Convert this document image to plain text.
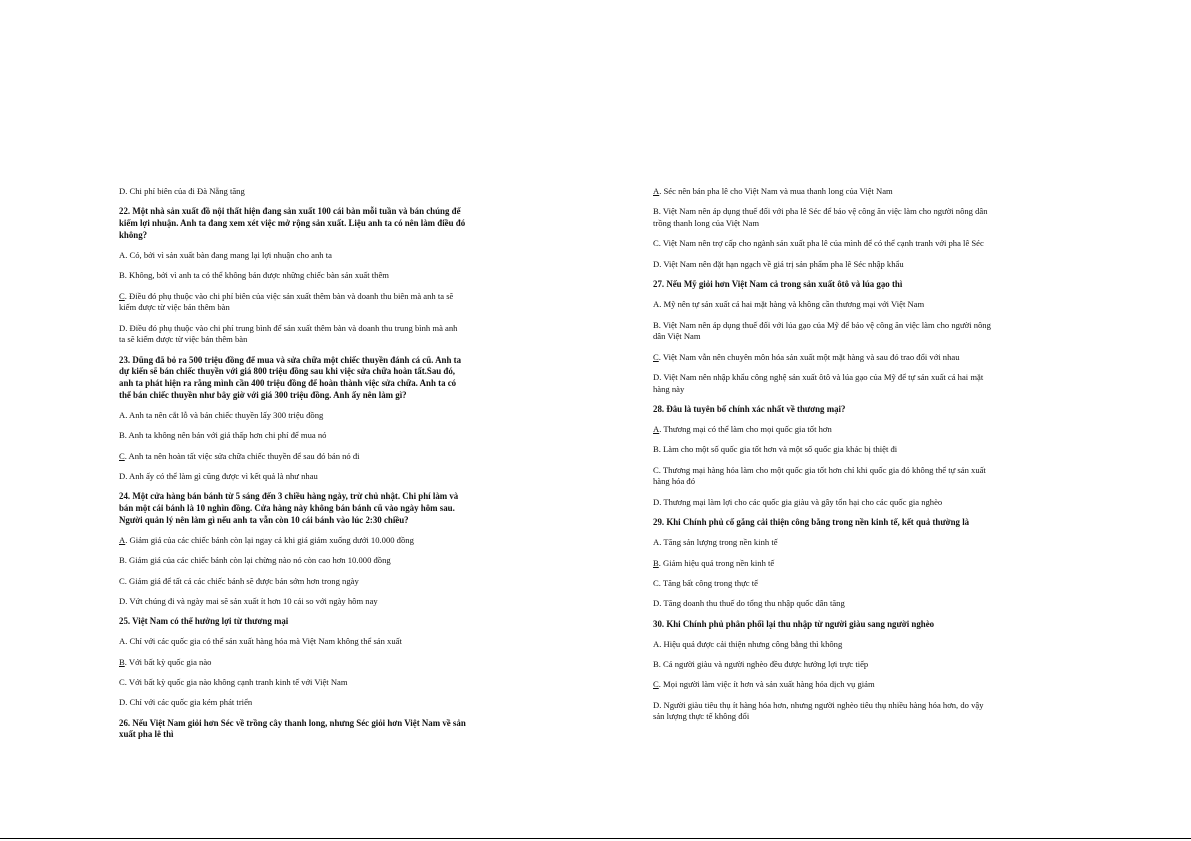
D. Chi phí biên của đi Đà Nẵng tăng
22. Một nhà sản xuất đồ nội thất hiện đang sản xuất 100 cái bàn mỗi tuần và bán chúng để
kiếm lợi nhuận. Anh ta đang xem xét việc mở rộng sản xuất. Liệu anh ta có nên làm điều đó
không?
A. Có, bởi vì sản xuất bàn đang mang lại lợi nhuận cho anh ta
B. Không, bởi vì anh ta có thể không bán được những chiếc bàn sản xuất thêm
C. Điều đó phụ thuộc vào chi phí biên của việc sản xuất thêm bàn và doanh thu biên mà anh ta sẽ
kiếm được từ việc bán thêm bàn
D. Điều đó phụ thuộc vào chi phí trung bình để sản xuất thêm bàn và doanh thu trung bình mà anh
ta sẽ kiếm được từ việc bán thêm bàn
23. Dũng đã bỏ ra 500 triệu đồng để mua và sửa chữa một chiếc thuyền đánh cá cũ. Anh ta
dự kiến sẽ bán chiếc thuyền với giá 800 triệu đồng sau khi việc sửa chữa hoàn tất.Sau đó,
anh ta phát hiện ra rằng mình cần 400 triệu đồng để hoàn thành việc sửa chữa. Anh ta có
thể bán chiếc thuyền như bây giờ với giá 300 triệu đồng. Anh ấy nên làm gì?
A. Anh ta nên cắt lỗ và bán chiếc thuyền lấy 300 triệu đồng
B. Anh ta không nên bán với giá thấp hơn chi phí để mua nó
C. Anh ta nên hoàn tất việc sửa chữa chiếc thuyền để sau đó bán nó đi
D. Anh ấy có thể làm gì cũng được vì kết quả là như nhau
24. Một cửa hàng bán bánh từ 5 sáng đến 3 chiều hàng ngày, trừ chủ nhật. Chi phí làm và
bán một cái bánh là 10 nghìn đồng. Cửa hàng này không bán bánh cũ vào ngày hôm sau.
Người quản lý nên làm gì nếu anh ta vẫn còn 10 cái bánh vào lúc 2:30 chiều?
A. Giảm giá của các chiếc bánh còn lại ngay cả khi giá giảm xuống dưới 10.000 đồng
B. Giảm giá của các chiếc bánh còn lại chừng nào nó còn cao hơn 10.000 đồng
C. Giảm giá để tất cả các chiếc bánh sẽ được bán sớm hơn trong ngày
D. Vứt chúng đi và ngày mai sẽ sản xuất ít hơn 10 cái so với ngày hôm nay
25. Việt Nam có thể hưởng lợi từ thương mại
A. Chỉ với các quốc gia có thể sản xuất hàng hóa mà Việt Nam không thể sản xuất
B. Với bất kỳ quốc gia nào
C. Với bất kỳ quốc gia nào không cạnh tranh kinh tế với Việt Nam
D. Chỉ với các quốc gia kém phát triển
26. Nếu Việt Nam giỏi hơn Séc về trồng cây thanh long, nhưng Séc giỏi hơn Việt Nam về sản
xuất pha lê thì
A. Séc nên bán pha lê cho Việt Nam và mua thanh long của Việt Nam
B. Việt Nam nên áp dụng thuế đối với pha lê Séc để bảo vệ công ăn việc làm cho người nông dân
trồng thanh long của Việt Nam
C. Việt Nam nên trợ cấp cho ngành sản xuất pha lê của mình để có thể cạnh tranh với pha lê Séc
D. Việt Nam nên đặt hạn ngạch về giá trị sản phẩm pha lê Séc nhập khẩu
27. Nếu Mỹ giỏi hơn Việt Nam cả trong sản xuất ôtô và lúa gạo thì
A. Mỹ nên tự sản xuất cả hai mặt hàng và không cần thương mại với Việt Nam
B. Việt Nam nên áp dụng thuế đối với lúa gạo của Mỹ để bảo vệ công ăn việc làm cho người nông
dân Việt Nam
C. Việt Nam vẫn nên chuyên môn hóa sản xuất một mặt hàng và sau đó trao đổi với nhau
D. Việt Nam nên nhập khẩu công nghệ sản xuất ôtô và lúa gạo của Mỹ để tự sản xuất cả hai mặt
hàng này
28. Đâu là tuyên bố chính xác nhất về thương mại?
A. Thương mại có thể làm cho mọi quốc gia tốt hơn
B. Làm cho một số quốc gia tốt hơn và một số quốc gia khác bị thiệt đi
C. Thương mại hàng hóa làm cho một quốc gia tốt hơn chỉ khi quốc gia đó không thể tự sản xuất
hàng hóa đó
D. Thương mại làm lợi cho các quốc gia giàu và gây tổn hại cho các quốc gia nghèo
29. Khi Chính phủ cố gắng cải thiện công bằng trong nền kinh tế, kết quả thường là
A. Tăng sản lượng trong nền kinh tế
B. Giảm hiệu quả trong nền kinh tế
C. Tăng bất công trong thực tế
D. Tăng doanh thu thuế do tổng thu nhập quốc dân tăng
30. Khi Chính phủ phân phối lại thu nhập từ người giàu sang người nghèo
A. Hiệu quả được cải thiện nhưng công bằng thì không
B. Cả người giàu và người nghèo đều được hưởng lợi trực tiếp
C. Mọi người làm việc ít hơn và sản xuất hàng hóa dịch vụ giảm
D. Người giàu tiêu thụ ít hàng hóa hơn, nhưng người nghèo tiêu thụ nhiều hàng hóa hơn, do vậy
sản lượng thực tế không đổi
